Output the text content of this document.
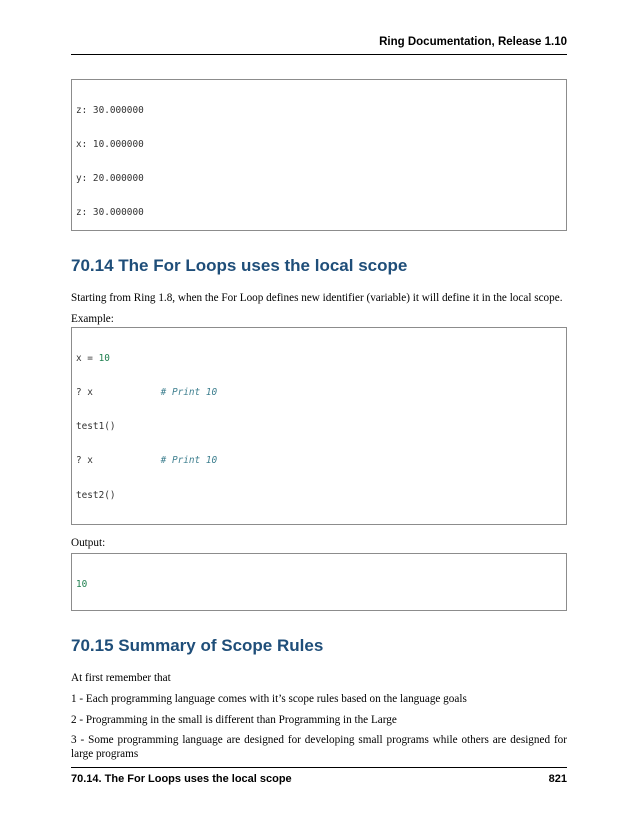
Ring Documentation, Release 1.10

z: 30.000000

x: 10.000000

y: 20.000000

z: 30.000000

70.14 The For Loops uses the local scope
Starting from Ring 1.8, when the For Loop defines new identifier (variable) it will define it in the local scope.
Example:

x = 10

? x            # Print 10

test1()

? x            # Print 10

test2()

Output:

10

70.15 Summary of Scope Rules
At first remember that
1 - Each programming language comes with it’s scope rules based on the language goals
2 - Programming in the small is different than Programming in the Large
3 - Some programming language are designed for developing small programs while others are designed for large programs
70.14. The For Loops uses the local scope	821
